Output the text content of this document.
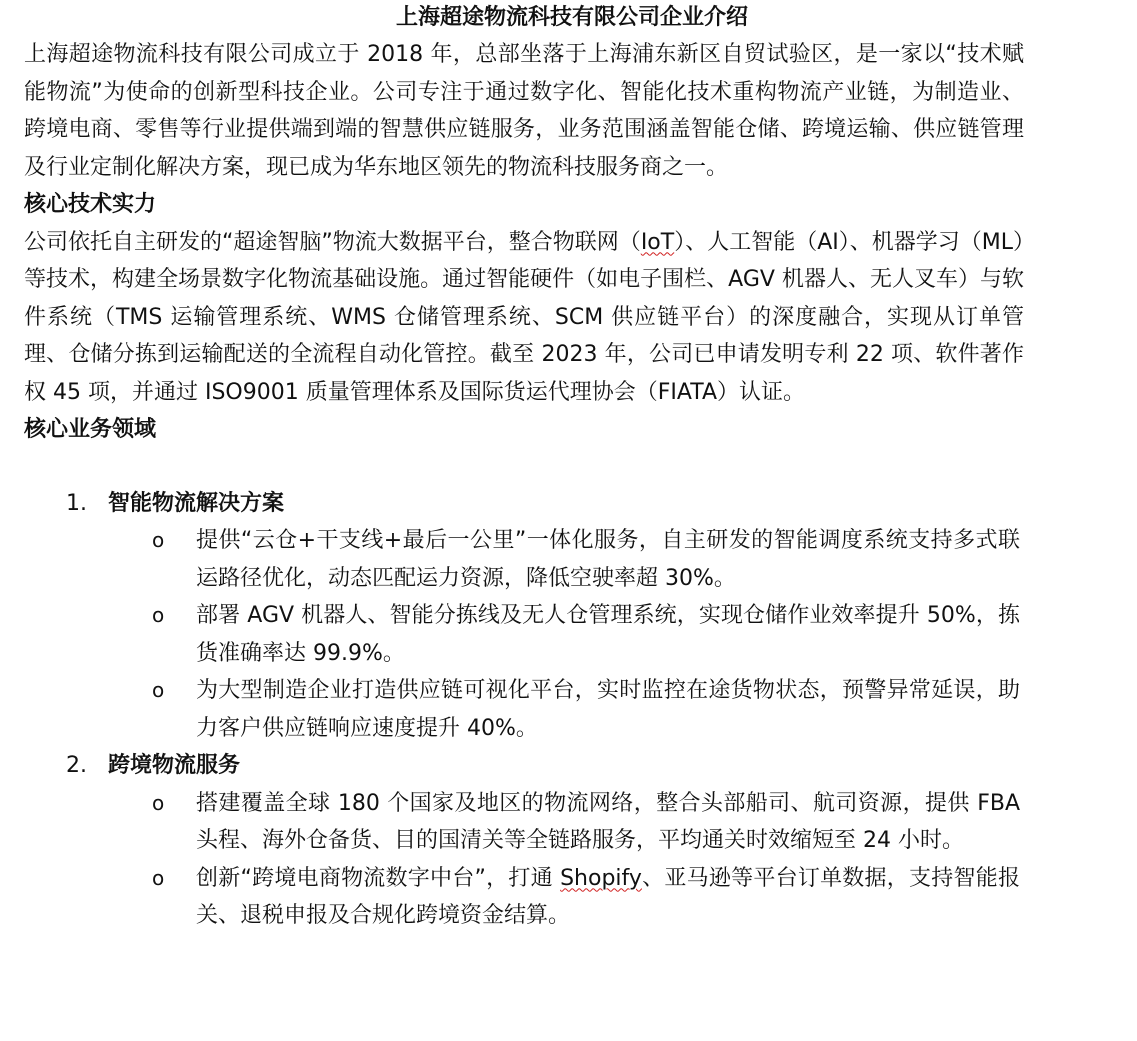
上海超途物流科技有限公司企业介绍

上海超途物流科技有限公司成立于 2018 年，总部坐落于上海浦东新区自贸试验区，是一家以“技术赋能物流”为使命的创新型科技企业。公司专注于通过数字化、智能化技术重构物流产业链，为制造业、跨境电商、零售等行业提供端到端的智慧供应链服务，业务范围涵盖智能仓储、跨境运输、供应链管理及行业定制化解决方案，现已成为华东地区领先的物流科技服务商之一。

核心技术实力

公司依托自主研发的“超途智脑”物流大数据平台，整合物联网（IoT）、人工智能（AI）、机器学习（ML）等技术，构建全场景数字化物流基础设施。通过智能硬件（如电子围栏、AGV 机器人、无人叉车）与软件系统（TMS 运输管理系统、WMS 仓储管理系统、SCM 供应链平台）的深度融合，实现从订单管理、仓储分拣到运输配送的全流程自动化管控。截至 2023 年，公司已申请发明专利 22 项、软件著作权 45 项，并通过 ISO9001 质量管理体系及国际货运代理协会（FIATA）认证。

核心业务领域
1. 智能物流解决方案
o 提供“云仓+干支线+最后一公里”一体化服务，自主研发的智能调度系统支持多式联运路径优化，动态匹配运力资源，降低空驶率超 30%。
o 部署 AGV 机器人、智能分拣线及无人仓管理系统，实现仓储作业效率提升 50%，拣货准确率达 99.9%。
o 为大型制造企业打造供应链可视化平台，实时监控在途货物状态，预警异常延误，助力客户供应链响应速度提升 40%。
2. 跨境物流服务
o 搭建覆盖全球 180 个国家及地区的物流网络，整合头部船司、航司资源，提供 FBA 头程、海外仓备货、目的国清关等全链路服务，平均通关时效缩短至 24 小时。
o 创新“跨境电商物流数字中台”，打通 Shopify、亚马逊等平台订单数据，支持智能报关、退税申报及合规化跨境资金结算。
